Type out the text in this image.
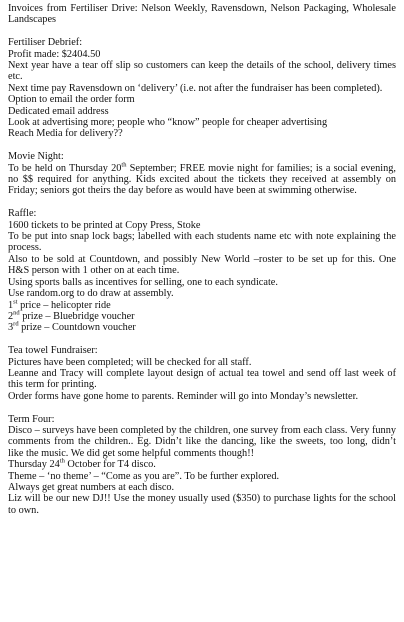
Invoices from Fertiliser Drive: Nelson Weekly, Ravensdown, Nelson Packaging, Wholesale Landscapes
Fertiliser Debrief:
Profit made: $2404.50
Next year have a tear off slip so customers can keep the details of the school, delivery times etc.
Next time pay Ravensdown on ‘delivery’ (i.e. not after the fundraiser has been completed).
Option to email the order form
Dedicated email address
Look at advertising more; people who “know” people for cheaper advertising
Reach Media for delivery??
Movie Night:
To be held on Thursday 20th September; FREE movie night for families; is a social evening, no $$ required for anything. Kids excited about the tickets they received at assembly on Friday; seniors got theirs the day before as would have been at swimming otherwise.
Raffle:
1600 tickets to be printed at Copy Press, Stoke
To be put into snap lock bags; labelled with each students name etc with note explaining the process.
Also to be sold at Countdown, and possibly New World –roster to be set up for this. One H&S person with 1 other on at each time.
Using sports balls as incentives for selling, one to each syndicate.
Use random.org to do draw at assembly.
1st price – helicopter ride
2nd prize – Bluebridge voucher
3rd prize – Countdown voucher
Tea towel Fundraiser:
Pictures have been completed; will be checked for all staff.
Leanne and Tracy will complete layout design of actual tea towel and send off last week of this term for printing.
Order forms have gone home to parents. Reminder will go into Monday’s newsletter.
Term Four:
Disco – surveys have been completed by the children, one survey from each class. Very funny comments from the children.. Eg. Didn’t like the dancing, like the sweets, too long, didn’t like the music. We did get some helpful comments though!!
Thursday 24th October for T4 disco.
Theme – ‘no theme’ – “Come as you are”. To be further explored.
Always get great numbers at each disco.
Liz will be our new DJ!! Use the money usually used ($350) to purchase lights for the school to own.
